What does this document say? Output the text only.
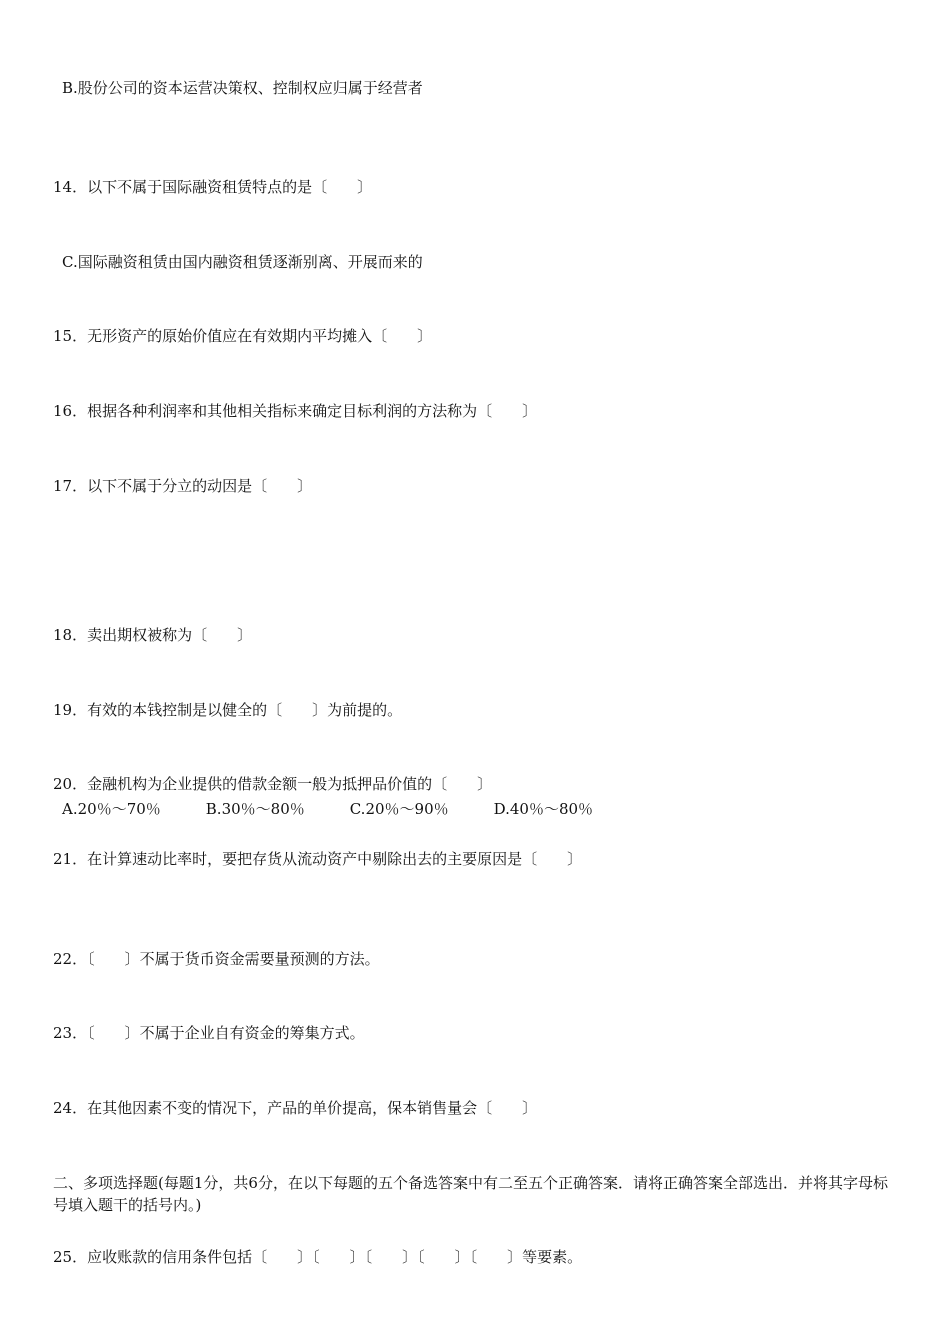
B.股份公司的资本运营决策权、控制权应归属于经营者
14．以下不属于国际融资租赁特点的是〔　　〕
C.国际融资租赁由国内融资租赁逐渐别离、开展而来的
15．无形资产的原始价值应在有效期内平均摊入〔　　〕
16．根据各种利润率和其他相关指标来确定目标利润的方法称为〔　　〕
17．以下不属于分立的动因是〔　　〕
18．卖出期权被称为〔　　〕
19．有效的本钱控制是以健全的〔　　〕为前提的。
20．金融机构为企业提供的借款金额一般为抵押品价值的〔　　〕
A.20％～70％　　　B.30％～80％　　　C.20％～90％　　　D.40％～80％
21．在计算速动比率时，要把存货从流动资产中剔除出去的主要原因是〔　　〕
22．〔　　〕不属于货币资金需要量预测的方法。
23．〔　　〕不属于企业自有资金的筹集方式。
24．在其他因素不变的情况下，产品的单价提高，保本销售量会〔　　〕
二、多项选择题(每题1分，共6分，在以下每题的五个备选答案中有二至五个正确答案．请将正确答案全部选出．并将其字母标号填入题干的括号内。)
25．应收账款的信用条件包括〔　　〕〔　　〕〔　　〕〔　　〕〔　　〕等要素。
